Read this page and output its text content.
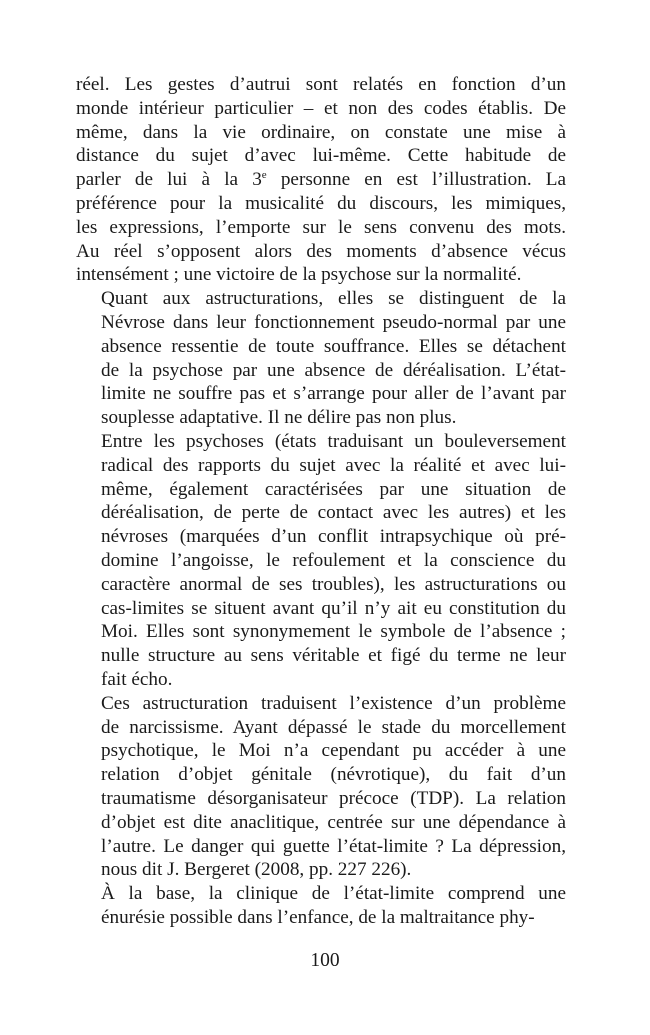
réel. Les gestes d’autrui sont relatés en fonction d’un
monde intérieur particulier – et non des codes établis. De
même, dans la vie ordinaire, on constate une mise à
distance du sujet d’avec lui-même. Cette habitude de
parler de lui à la 3e personne en est l’illustration. La
préférence pour la musicalité du discours, les mimiques,
les expressions, l’emporte sur le sens convenu des mots.
Au réel s’opposent alors des moments d’absence vécus
intensément ; une victoire de la psychose sur la normalité.
Quant aux astructurations, elles se distinguent de la
Névrose dans leur fonctionnement pseudo-normal par une
absence ressentie de toute souffrance. Elles se détachent
de la psychose par une absence de déréalisation. L’état-
limite ne souffre pas et s’arrange pour aller de l’avant par
souplesse adaptative. Il ne délire pas non plus.
Entre les psychoses (états traduisant un bouleversement
radical des rapports du sujet avec la réalité et avec lui-
même, également caractérisées par une situation de
déréalisation, de perte de contact avec les autres) et les
névroses (marquées d’un conflit intrapsychique où pré-
domine l’angoisse, le refoulement et la conscience du
caractère anormal de ses troubles), les astructurations ou
cas-limites se situent avant qu’il n’y ait eu constitution du
Moi. Elles sont synonymement le symbole de l’absence ;
nulle structure au sens véritable et figé du terme ne leur
fait écho.
Ces astructuration traduisent l’existence d’un problème
de narcissisme. Ayant dépassé le stade du morcellement
psychotique, le Moi n’a cependant pu accéder à une
relation d’objet génitale (névrotique), du fait d’un
traumatisme désorganisateur précoce (TDP). La relation
d’objet est dite anaclitique, centrée sur une dépendance à
l’autre. Le danger qui guette l’état-limite ? La dépression,
nous dit J. Bergeret (2008, pp. 227 226).
À la base, la clinique de l’état-limite comprend une
énurésie possible dans l’enfance, de la maltraitance phy-
100
